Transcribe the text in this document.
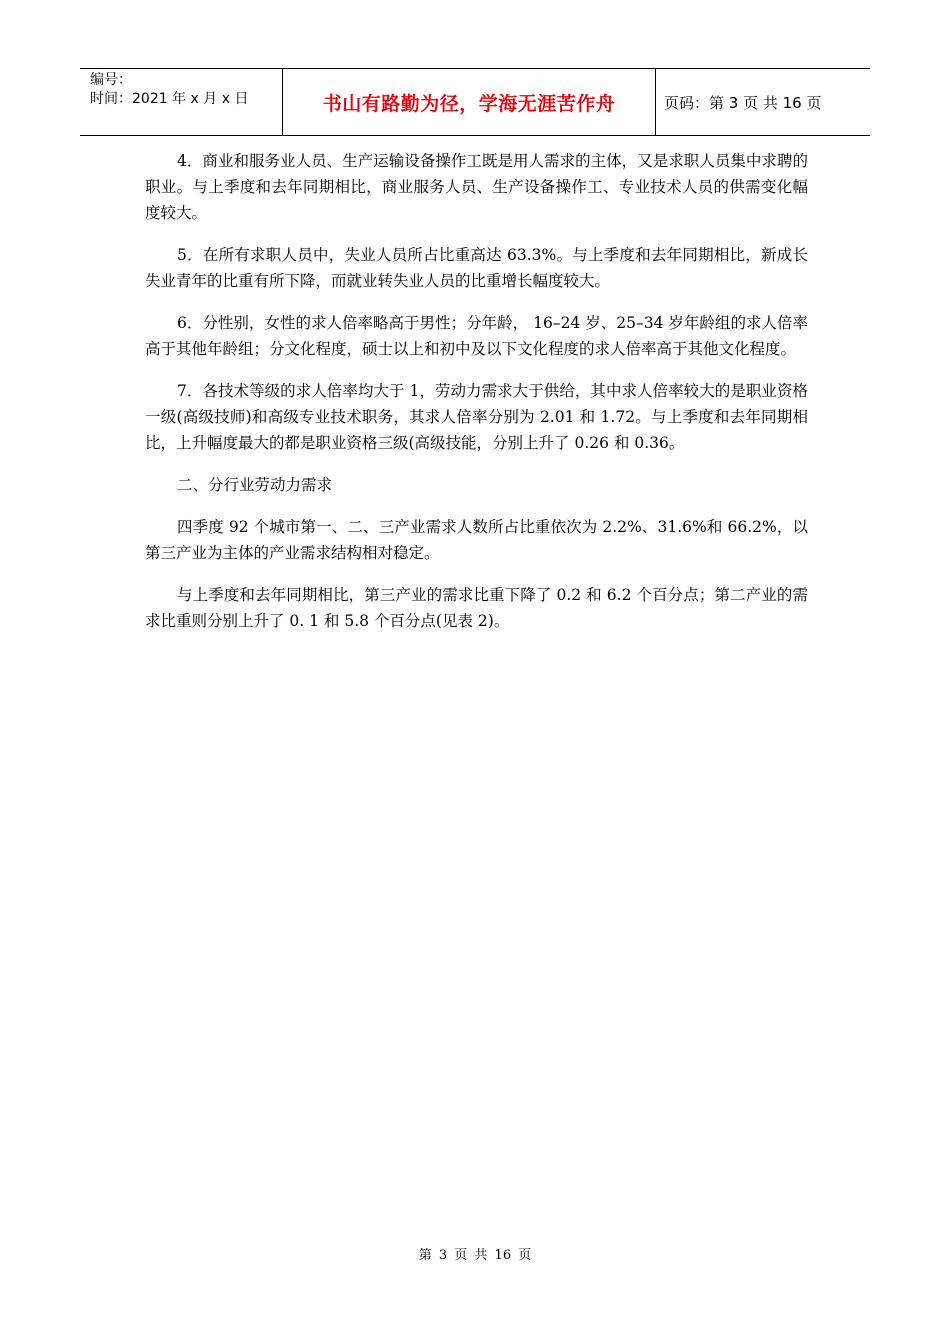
编号：
时间：2021 年 x 月 x 日	书山有路勤为径，学海无涯苦作舟	页码：第 3 页 共 16 页

4．商业和服务业人员、生产运输设备操作工既是用人需求的主体，又是求职人员集中求聘的职业。与上季度和去年同期相比，商业服务人员、生产设备操作工、专业技术人员的供需变化幅度较大。

5．在所有求职人员中，失业人员所占比重高达 63.3%。与上季度和去年同期相比，新成长失业青年的比重有所下降，而就业转失业人员的比重增长幅度较大。

6．分性别，女性的求人倍率略高于男性；分年龄， 16–24 岁、25–34 岁年龄组的求人倍率高于其他年龄组；分文化程度，硕士以上和初中及以下文化程度的求人倍率高于其他文化程度。

7．各技术等级的求人倍率均大于 1，劳动力需求大于供给，其中求人倍率较大的是职业资格一级(高级技师)和高级专业技术职务，其求人倍率分别为 2.01 和 1.72。与上季度和去年同期相比，上升幅度最大的都是职业资格三级(高级技能，分别上升了 0.26 和 0.36。

二、分行业劳动力需求

四季度 92 个城市第一、二、三产业需求人数所占比重依次为 2.2%、31.6%和 66.2%，以第三产业为主体的产业需求结构相对稳定。

与上季度和去年同期相比，第三产业的需求比重下降了 0.2 和 6.2 个百分点；第二产业的需求比重则分别上升了 0. 1 和 5.8 个百分点(见表 2)。

第 3 页 共 16 页
